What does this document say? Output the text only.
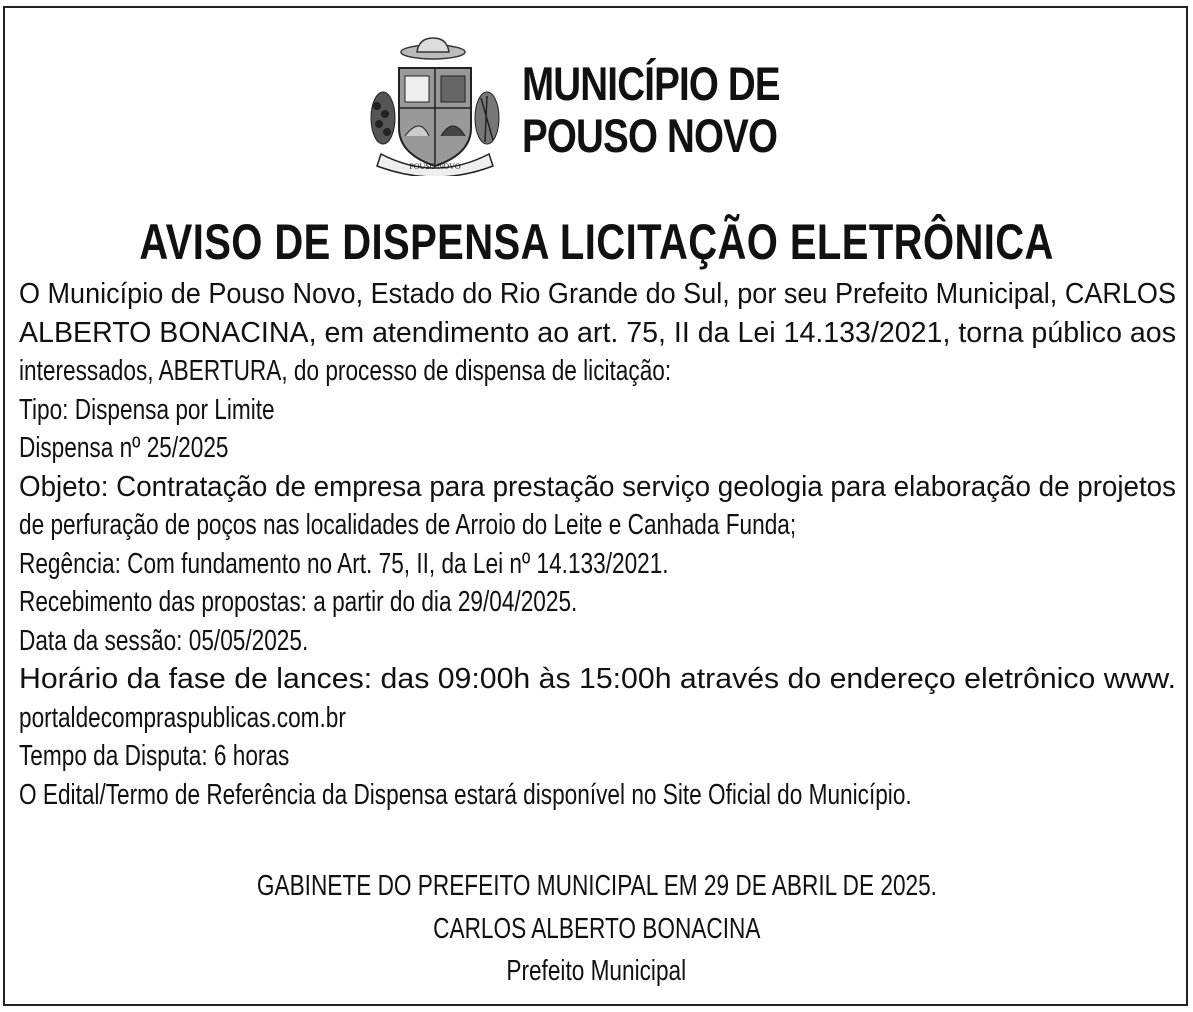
POUSO NOVO
MUNICÍPIO DE
POUSO NOVO
AVISO DE DISPENSA LICITAÇÃO ELETRÔNICA
O Município de Pouso Novo, Estado do Rio Grande do Sul, por seu Prefeito Municipal, CARLOS
ALBERTO BONACINA, em atendimento ao art. 75, II da Lei 14.133/2021, torna público aos
interessados, ABERTURA, do processo de dispensa de licitação:
Tipo: Dispensa por Limite
Dispensa nº 25/2025
Objeto: Contratação de empresa para prestação serviço geologia para elaboração de projetos
de perfuração de poços nas localidades de Arroio do Leite e Canhada Funda;
Regência: Com fundamento no Art. 75, II, da Lei nº 14.133/2021.
Recebimento das propostas: a partir do dia 29/04/2025.
Data da sessão: 05/05/2025.
Horário da fase de lances: das 09:00h às 15:00h através do endereço eletrônico www.
portaldecompraspublicas.com.br
Tempo da Disputa: 6 horas
O Edital/Termo de Referência da Dispensa estará disponível no Site Oficial do Município.
GABINETE DO PREFEITO MUNICIPAL EM 29 DE ABRIL DE 2025.
CARLOS ALBERTO BONACINA
Prefeito Municipal
